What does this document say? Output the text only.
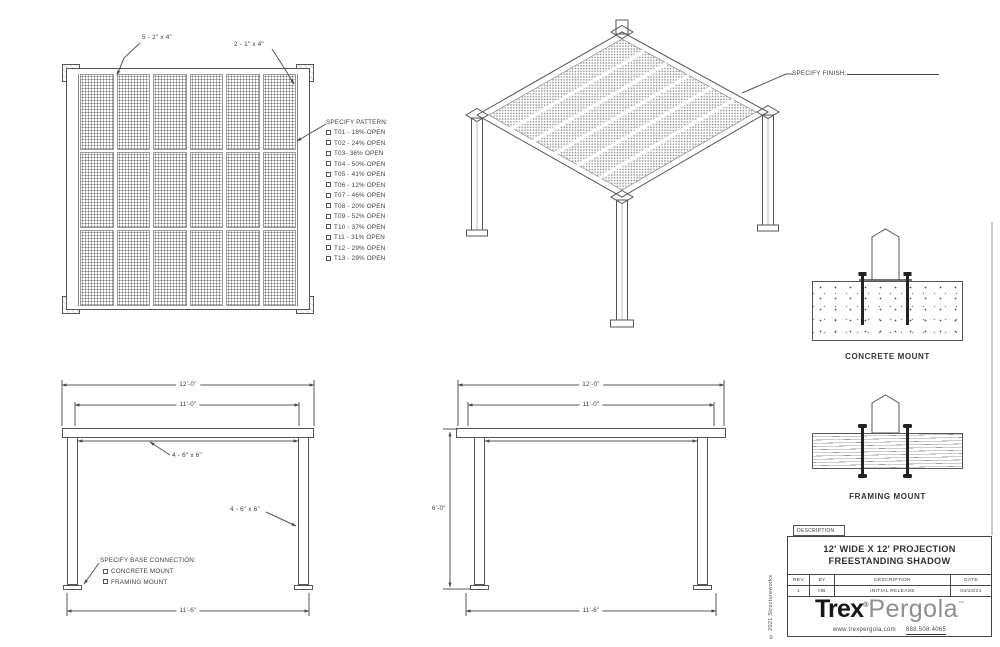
5 - 2" x 4"
2 - 1" x 4"
SPECIFY PATTERN:
T01 - 18% OPEN
T02 - 24% OPEN
T03- 36% OPEN
T04 - 50% OPEN
T05 - 41% OPEN
T06 - 12% OPEN
T07 - 46% OPEN
T08 - 20% OPEN
T09 - 52% OPEN
T10 - 37% OPEN
T11 - 31% OPEN
T12 - 29% OPEN
T13 - 29% OPEN
SPECIFY FINISH:
12'-0"
11'-0"
11'-6"
4 - 6" x 6"
4 - 6" x 6"
SPECIFY BASE CONNECTION:
CONCRETE MOUNT
FRAMING MOUNT
12'-0"
11'-0"
11'-6"
6'-0"
CONCRETE MOUNT
FRAMING MOUNT
DESCRIPTION
12' WIDE X 12' PROJECTION
FREESTANDING SHADOW
REV	BY	DESCRIPTION	DATE
1	HB	INITIAL RELEASE	03/23/21
Trex®Pergola™
www.trexpergola.com 888.508.4065
© 2021 Structureworks
